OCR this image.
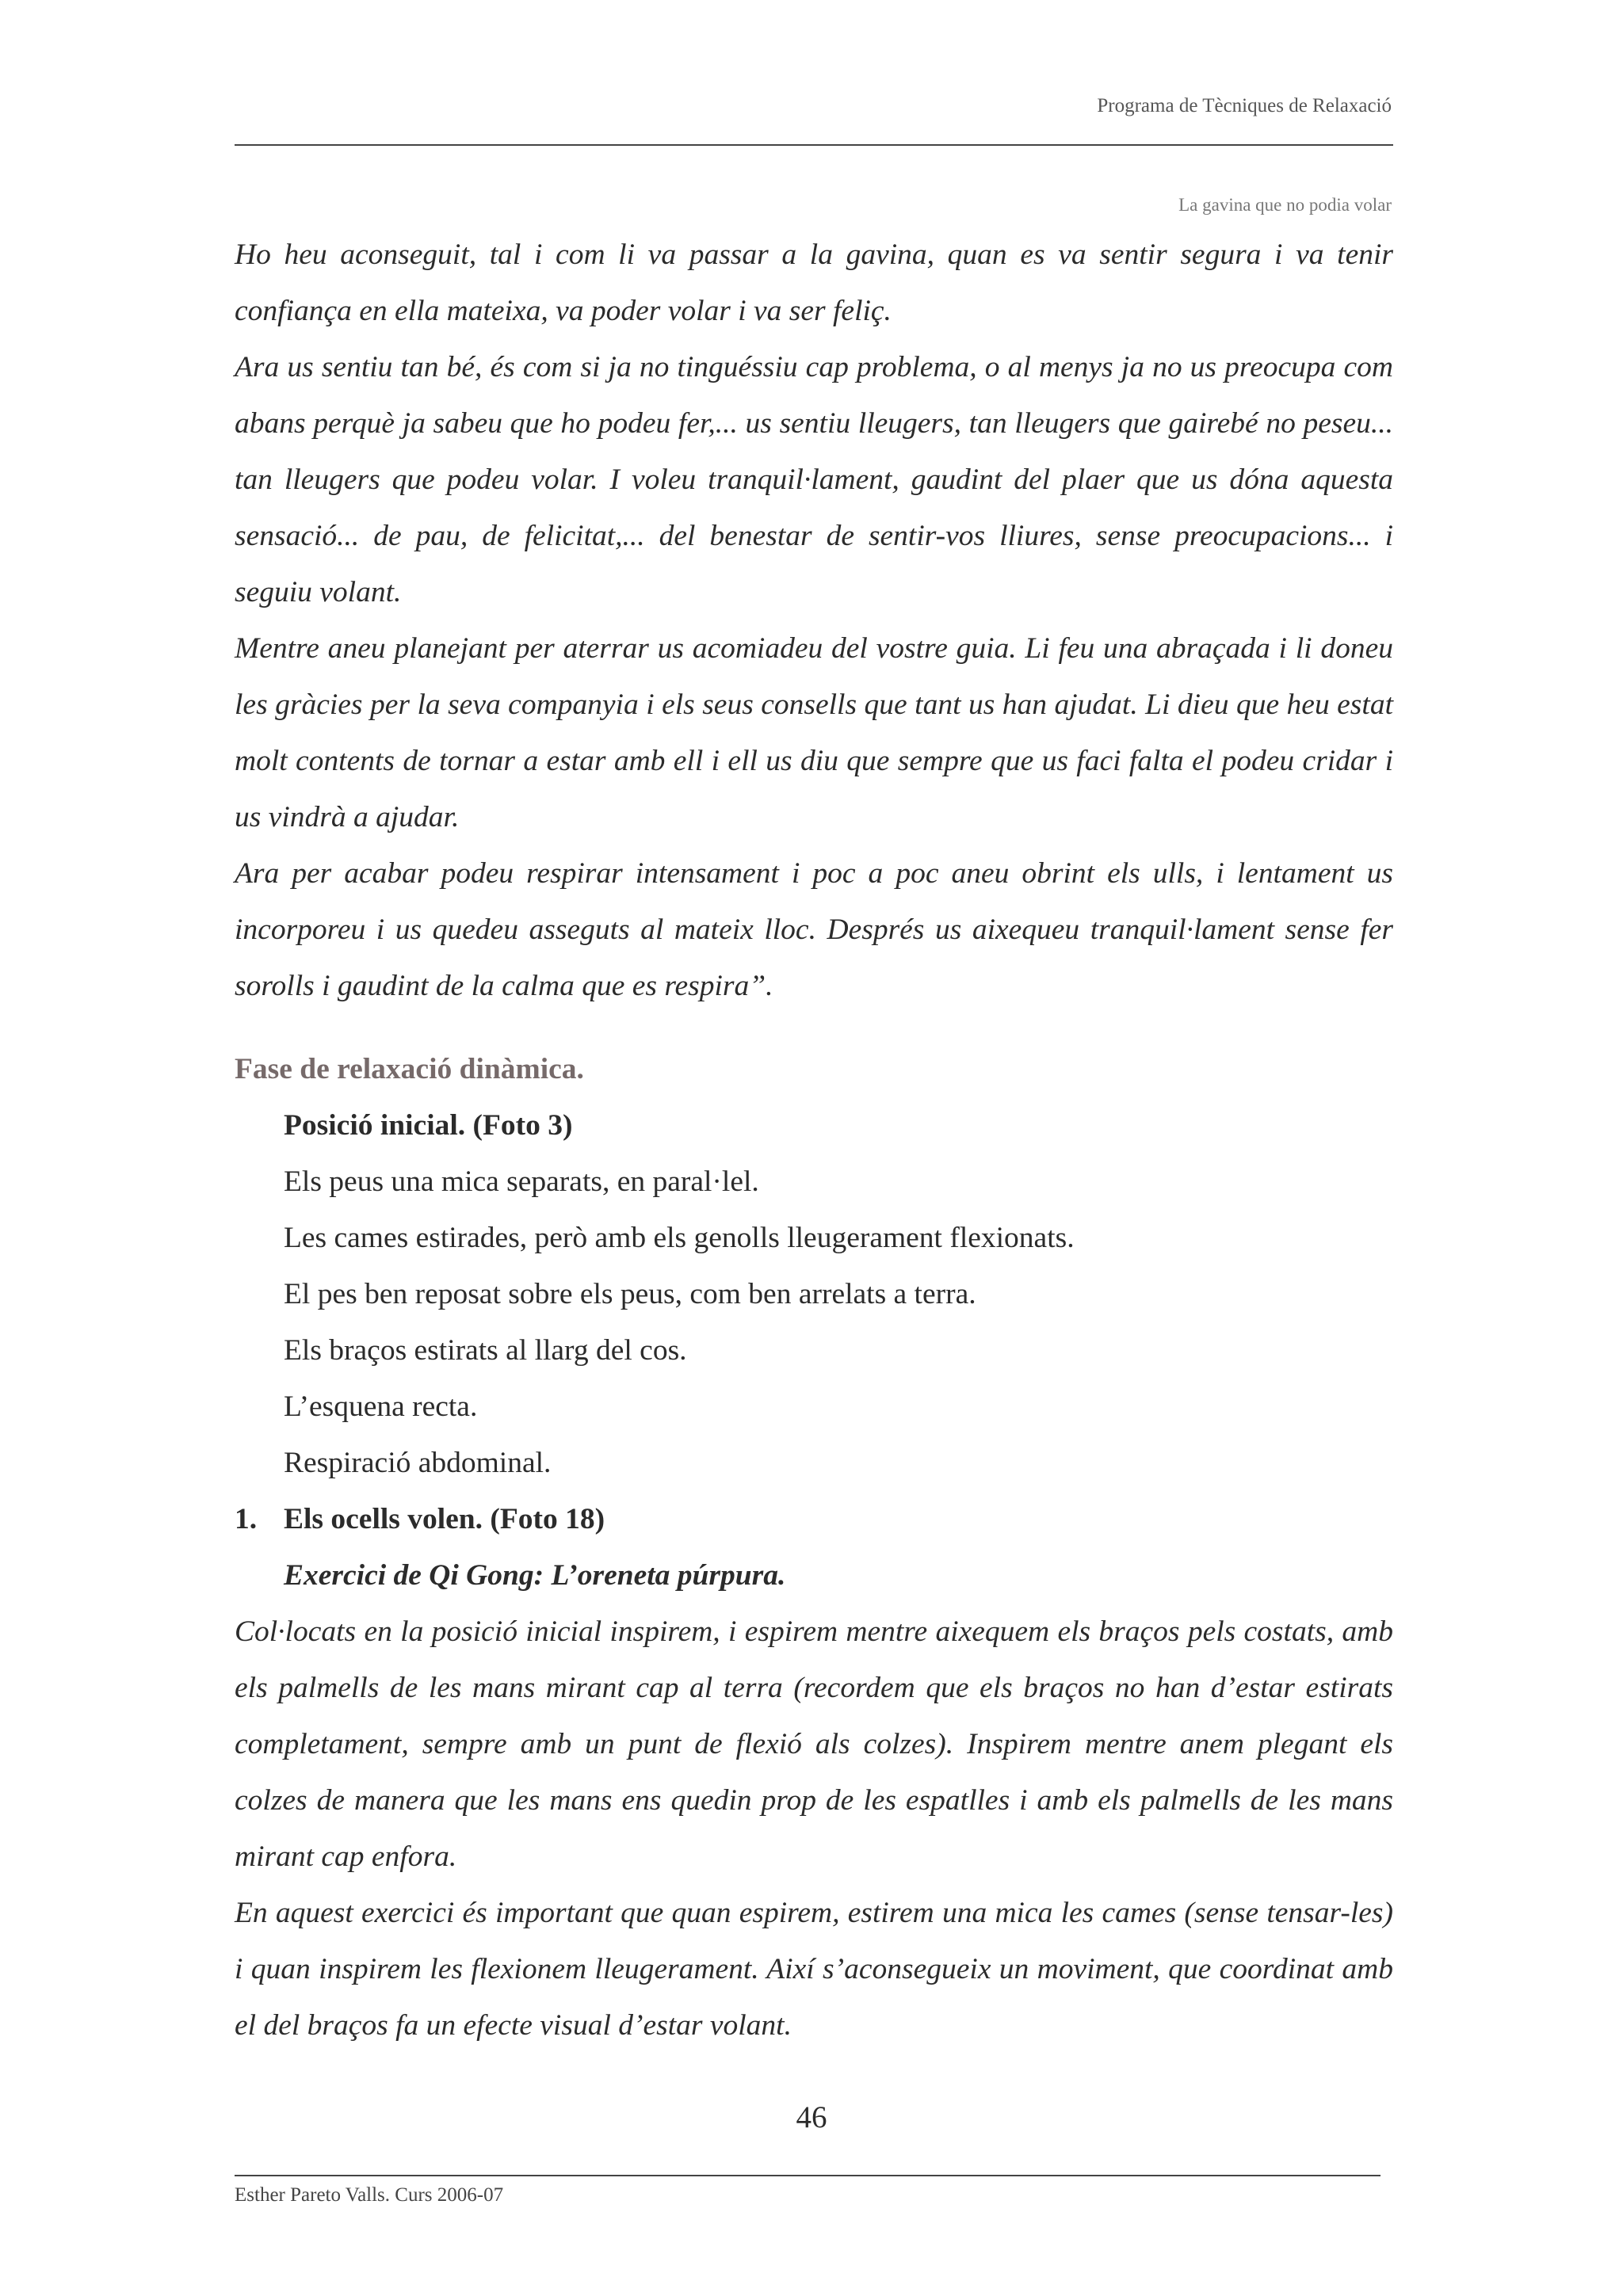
Programa de Tècniques de Relaxació
La gavina que no podia volar

Ho heu aconseguit, tal i com li va passar a la gavina, quan es va sentir segura i va tenir confiança en ella mateixa, va poder volar i va ser feliç.

Ara us sentiu tan bé, és com si ja no tinguéssiu cap problema, o al menys ja no us preocupa com abans perquè ja sabeu que ho podeu fer,... us sentiu lleugers, tan lleugers que gairebé no peseu... tan lleugers que podeu volar. I voleu tranquil·lament, gaudint del plaer que us dóna aquesta sensació... de pau, de felicitat,... del benestar de sentir-vos lliures, sense preocupacions... i seguiu volant.

Mentre aneu planejant per aterrar us acomiadeu del vostre guia. Li feu una abraçada i li doneu les gràcies per la seva companyia i els seus consells que tant us han ajudat. Li dieu que heu estat molt contents de tornar a estar amb ell i ell us diu que sempre que us faci falta el podeu cridar i us vindrà a ajudar.

Ara per acabar podeu respirar intensament i poc a poc aneu obrint els ulls, i lentament us incorporeu i us quedeu asseguts al mateix lloc. Després us aixequeu tranquil·lament sense fer sorolls i gaudint de la calma que es respira”.

Fase de relaxació dinàmica.

Posició inicial. (Foto 3)

Els peus una mica separats, en paral·lel.

Les cames estirades, però amb els genolls lleugerament flexionats.

El pes ben reposat sobre els peus, com ben arrelats a terra.

Els braços estirats al llarg del cos.

L’esquena recta.

Respiració abdominal.

1. Els ocells volen. (Foto 18)

Exercici de Qi Gong: L’oreneta púrpura.

Col·locats en la posició inicial inspirem, i espirem mentre aixequem els braços pels costats, amb els palmells de les mans mirant cap al terra (recordem que els braços no han d’estar estirats completament, sempre amb un punt de flexió als colzes). Inspirem mentre anem plegant els colzes de manera que les mans ens quedin prop de les espatlles i amb els palmells de les mans mirant cap enfora.

En aquest exercici és important que quan espirem, estirem una mica les cames (sense tensar-les) i quan inspirem les flexionem lleugerament. Així s’aconsegueix un moviment, que coordinat amb el del braços fa un efecte visual d’estar volant.

46
Esther Pareto Valls. Curs 2006-07
